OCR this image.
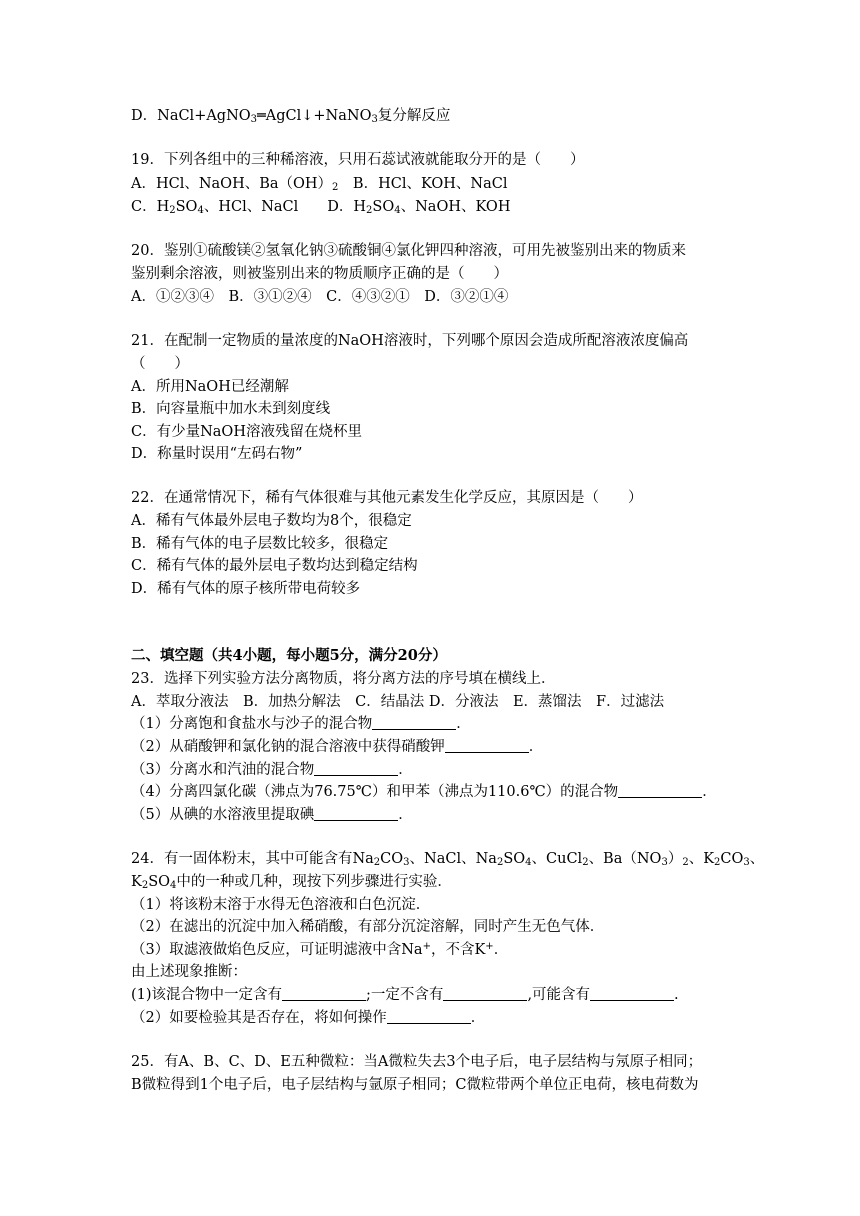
D．NaCl+AgNO$_3$═AgCl↓+NaNO$_3$复分解反应
19．下列各组中的三种稀溶液，只用石蕊试液就能取分开的是（　　）
A．HCl、NaOH、$Ba(OH)_2$　B．HCl、KOH、NaCl
C．$H_2SO_4$、HCl、NaCl　　D．$H_2SO_4$、NaOH、KOH
20．鉴别①硫酸镁②氢氧化钠③硫酸铜④氯化钾四种溶液，可用先被鉴别出来的物质来
鉴别剩余溶液，则被鉴别出来的物质顺序正确的是（　　）
A．①②③④　B．③①②④　C．④③②①　D．③②①④
21．在配制一定物质的量浓度的NaOH溶液时，下列哪个原因会造成所配溶液浓度偏高
（　　）
A．所用NaOH已经潮解
B．向容量瓶中加水未到刻度线
C．有少量NaOH溶液残留在烧杯里
D．称量时误用“左码右物”
22．在通常情况下，稀有气体很难与其他元素发生化学反应，其原因是（　　）
A．稀有气体最外层电子数均为8个，很稳定
B．稀有气体的电子层数比较多，很稳定
C．稀有气体的最外层电子数均达到稳定结构
D．稀有气体的原子核所带电荷较多
二、填空题（共4小题，每小题5分，满分20分）
23．选择下列实验方法分离物质，将分离方法的序号填在横线上．
A．萃取分液法　B．加热分解法　C．结晶法 D．分液法　E．蒸馏法　F．过滤法
（1）分离饱和食盐水与沙子的混合物	．
（2）从硝酸钾和氯化钠的混合溶液中获得硝酸钾	．
（3）分离水和汽油的混合物	．
（4）分离四氯化碳（沸点为76.75℃）和甲苯（沸点为110.6℃）的混合物	．
（5）从碘的水溶液里提取碘	．
24．有一固体粉末，其中可能含有$Na_2CO_3$、NaCl、$Na_2SO_4$、CuCl$_2$、$Ba(NO_3)_2$、$K_2CO_3$、
$K_2SO_4$中的一种或几种，现按下列步骤进行实验．
（1）将该粉末溶于水得无色溶液和白色沉淀．
（2）在滤出的沉淀中加入稀硝酸，有部分沉淀溶解，同时产生无色气体．
（3）取滤液做焰色反应，可证明滤液中含Na+，不含K+．
由上述现象推断：
(1)该混合物中一定含有	;一定不含有	,可能含有	.
（2）如要检验其是否存在，将如何操作	．
25．有A、B、C、D、E五种微粒：当A微粒失去3个电子后，电子层结构与氖原子相同；
B微粒得到1个电子后，电子层结构与氩原子相同；C微粒带两个单位正电荷，核电荷数为
